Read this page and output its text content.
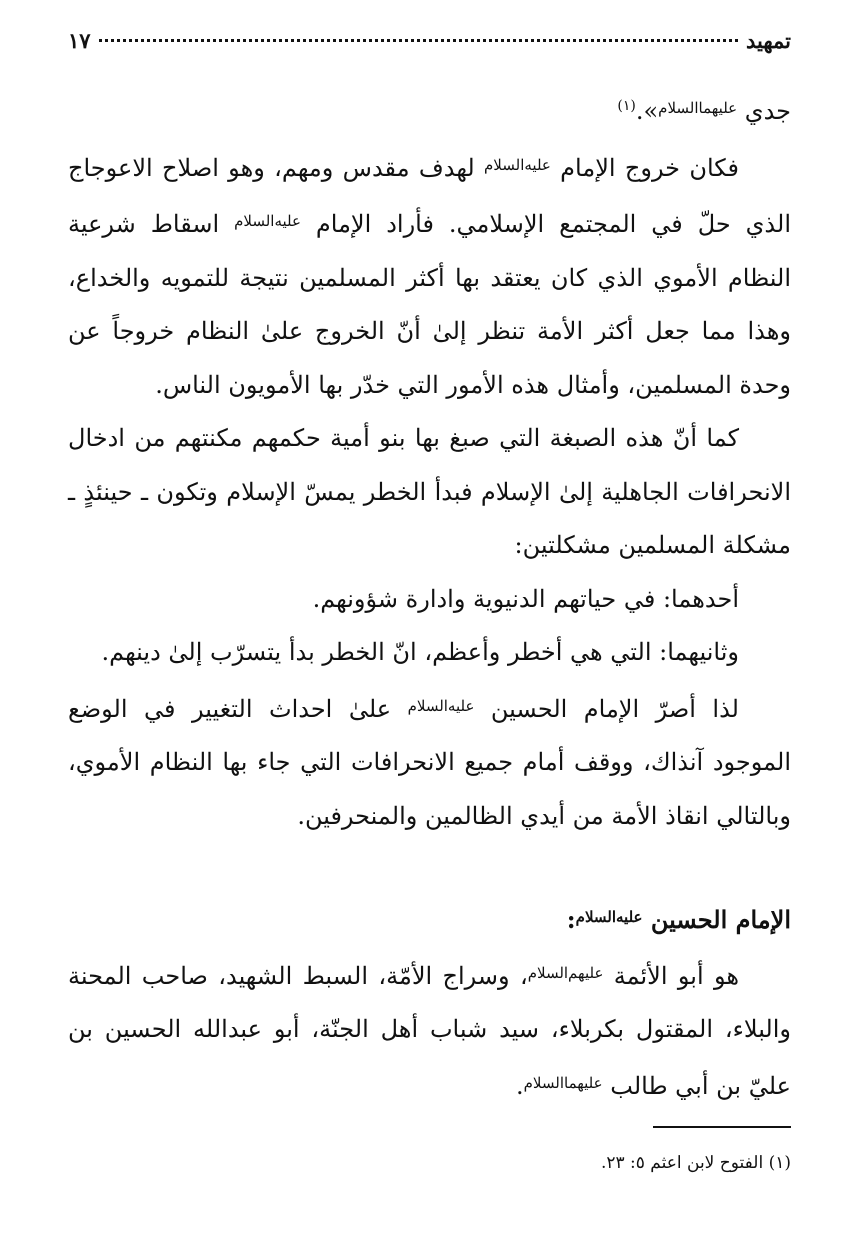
تمهيد
١٧

جدي $^{عليهما‌السلام}$».$^{(١)}$

فكان خروج الإمام $^{عليه‌السلام}$ لهدف مقدس ومهم، وهو اصلاح الاعوجاج الذي حلّ في المجتمع الإسلامي. فأراد الإمام $^{عليه‌السلام}$ اسقاط شرعية النظام الأموي الذي كان يعتقد بها أكثر المسلمين نتيجة للتمويه والخداع، وهذا مما جعل أكثر الأمة تنظر إلىٰ أنّ الخروج علىٰ النظام خروجاً عن وحدة المسلمين، وأمثال هذه الأمور التي خدّر بها الأمويون الناس.

كما أنّ هذه الصبغة التي صبغ بها بنو أمية حكمهم مكنتهم من ادخال الانحرافات الجاهلية إلىٰ الإسلام فبدأ الخطر يمسّ الإسلام وتكون ـ حينئذٍ ـ مشكلة المسلمين مشكلتين:

أحدهما: في حياتهم الدنيوية وادارة شؤونهم.

وثانيهما: التي هي أخطر وأعظم، انّ الخطر بدأ يتسرّب إلىٰ دينهم.

لذا أصرّ الإمام الحسين $^{عليه‌السلام}$ علىٰ احداث التغيير في الوضع الموجود آنذاك، ووقف أمام جميع الانحرافات التي جاء بها النظام الأموي، وبالتالي انقاذ الأمة من أيدي الظالمين والمنحرفين.

الإمام الحسين $^{عليه‌السلام}$:

هو أبو الأئمة $^{عليهم‌السلام}$، وسراج الأمّة، السبط الشهيد، صاحب المحنة والبلاء، المقتول بكربلاء، سيد شباب أهل الجنّة، أبو عبدالله الحسين بن عليّ بن أبي طالب $^{عليهما‌السلام}$.

(١) الفتوح لابن اعثم ٥: ٢٣.
